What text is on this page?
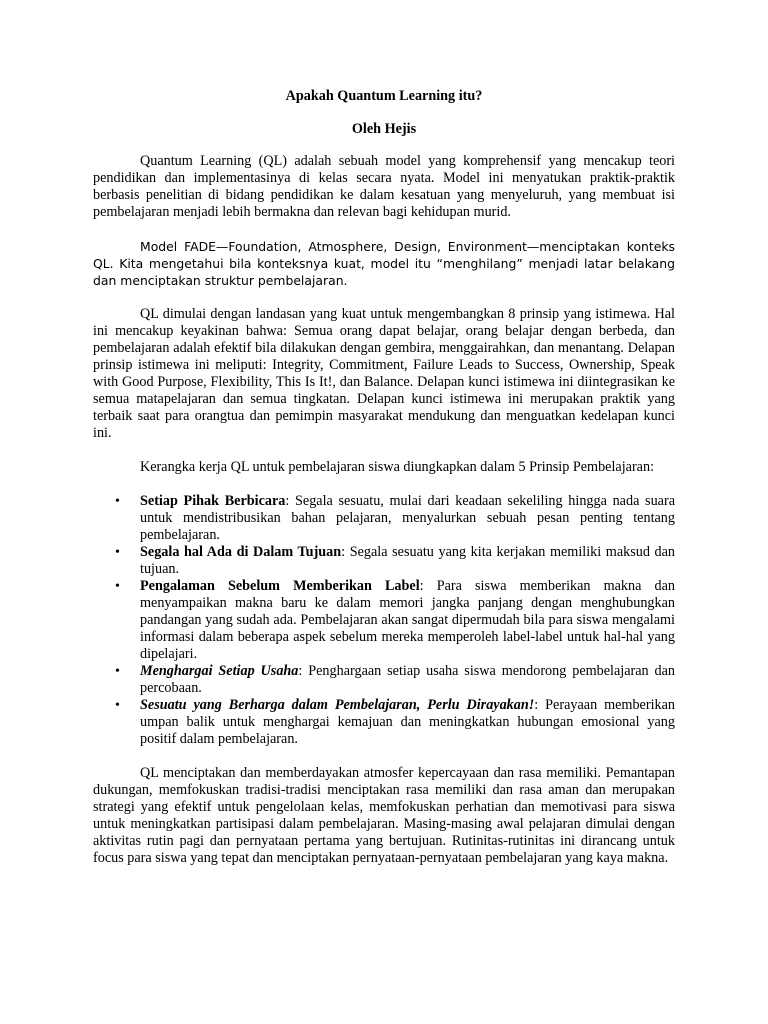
Apakah Quantum Learning itu?

Oleh Hejis

Quantum Learning (QL) adalah sebuah model yang komprehensif yang mencakup teori pendidikan dan implementasinya di kelas secara nyata. Model ini menyatukan praktik-praktik berbasis penelitian di bidang pendidikan ke dalam kesatuan yang menyeluruh, yang membuat isi pembelajaran menjadi lebih bermakna dan relevan bagi kehidupan murid.

Model FADE—Foundation, Atmosphere, Design, Environment—menciptakan konteks QL. Kita mengetahui bila konteksnya kuat, model itu “menghilang” menjadi latar belakang dan menciptakan struktur pembelajaran.

QL dimulai dengan landasan yang kuat untuk mengembangkan 8 prinsip yang istimewa. Hal ini mencakup keyakinan bahwa: Semua orang dapat belajar, orang belajar dengan berbeda, dan pembelajaran adalah efektif bila dilakukan dengan gembira, menggairahkan, dan menantang. Delapan prinsip istimewa ini meliputi: Integrity, Commitment, Failure Leads to Success, Ownership, Speak with Good Purpose, Flexibility, This Is It!, dan Balance. Delapan kunci istimewa ini diintegrasikan ke semua matapelajaran dan semua tingkatan. Delapan kunci istimewa ini merupakan praktik yang terbaik saat para orangtua dan pemimpin masyarakat mendukung dan menguatkan kedelapan kunci ini.

Kerangka kerja QL untuk pembelajaran siswa diungkapkan dalam 5 Prinsip Pembelajaran:

• Setiap Pihak Berbicara: Segala sesuatu, mulai dari keadaan sekeliling hingga nada suara untuk mendistribusikan bahan pelajaran, menyalurkan sebuah pesan penting tentang pembelajaran.
• Segala hal Ada di Dalam Tujuan: Segala sesuatu yang kita kerjakan memiliki maksud dan tujuan.
• Pengalaman Sebelum Memberikan Label: Para siswa memberikan makna dan menyampaikan makna baru ke dalam memori jangka panjang dengan menghubungkan pandangan yang sudah ada. Pembelajaran akan sangat dipermudah bila para siswa mengalami informasi dalam beberapa aspek sebelum mereka memperoleh label-label untuk hal-hal yang dipelajari.
• Menghargai Setiap Usaha: Penghargaan setiap usaha siswa mendorong pembelajaran dan percobaan.
• Sesuatu yang Berharga dalam Pembelajaran, Perlu Dirayakan!: Perayaan memberikan umpan balik untuk menghargai kemajuan dan meningkatkan hubungan emosional yang positif dalam pembelajaran.

QL menciptakan dan memberdayakan atmosfer kepercayaan dan rasa memiliki. Pemantapan dukungan, memfokuskan tradisi-tradisi menciptakan rasa memiliki dan rasa aman dan merupakan strategi yang efektif untuk pengelolaan kelas, memfokuskan perhatian dan memotivasi para siswa untuk meningkatkan partisipasi dalam pembelajaran. Masing-masing awal pelajaran dimulai dengan aktivitas rutin pagi dan pernyataan pertama yang bertujuan. Rutinitas-rutinitas ini dirancang untuk focus para siswa yang tepat dan menciptakan pernyataan-pernyataan pembelajaran yang kaya makna.
